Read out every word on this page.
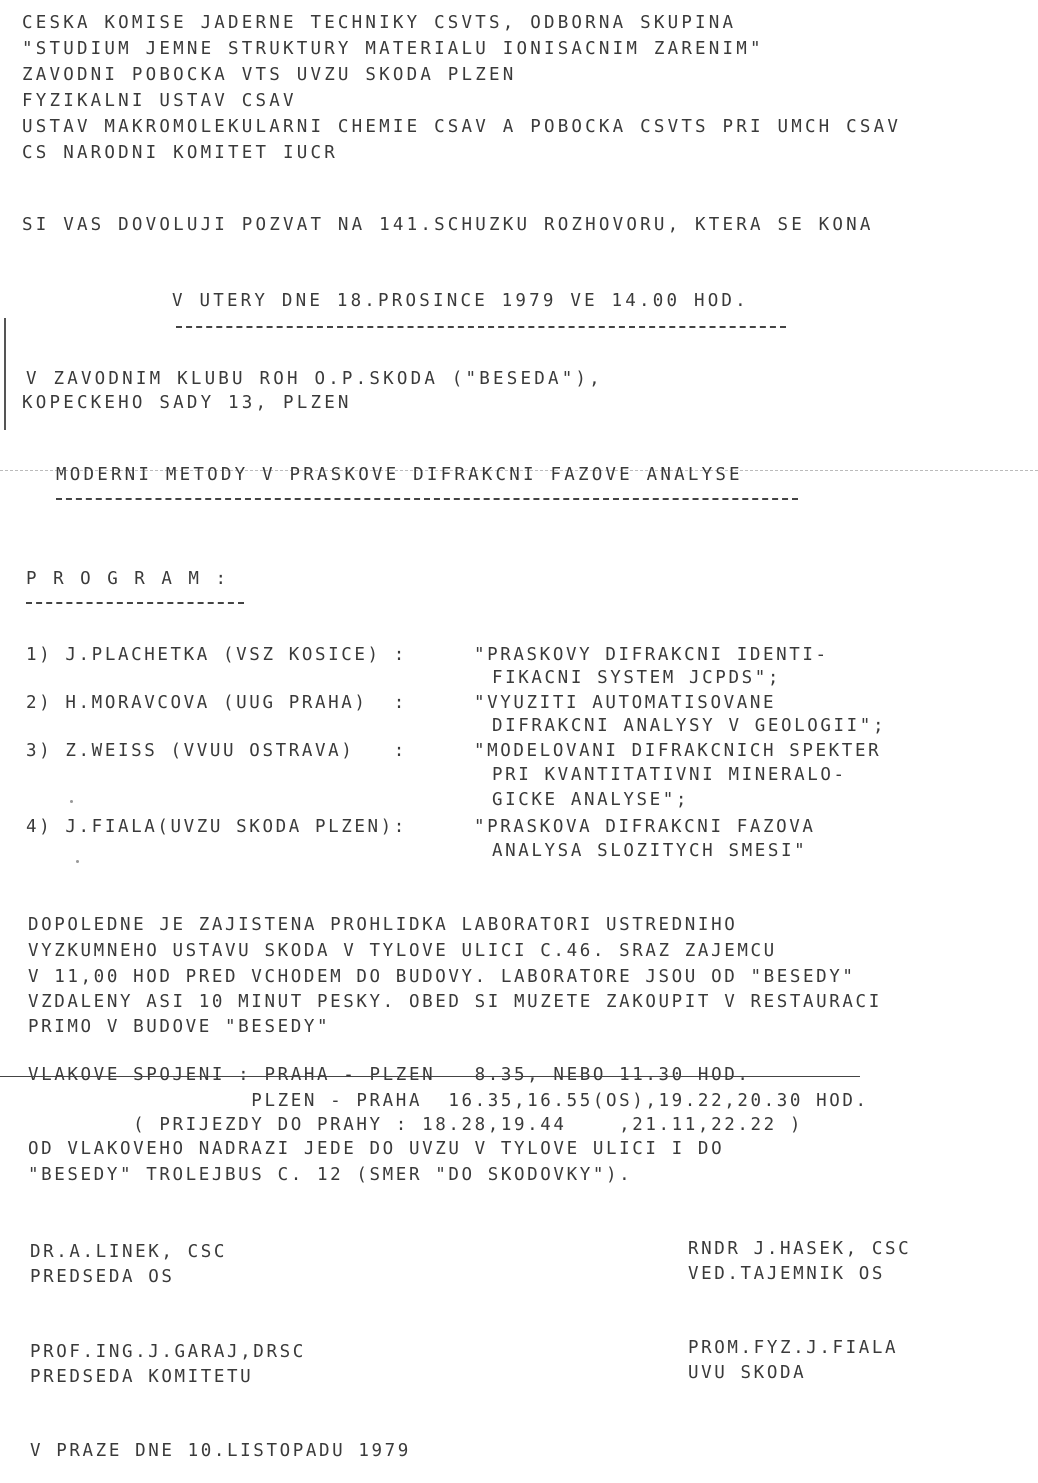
CESKA KOMISE JADERNE TECHNIKY CSVTS, ODBORNA SKUPINA
"STUDIUM JEMNE STRUKTURY MATERIALU IONISACNIM ZARENIM"
ZAVODNI POBOCKA VTS UVZU SKODA PLZEN
FYZIKALNI USTAV CSAV
USTAV MAKROMOLEKULARNI CHEMIE CSAV A POBOCKA CSVTS PRI UMCH CSAV
CS NARODNI KOMITET IUCR
SI VAS DOVOLUJI POZVAT NA 141.SCHUZKU ROZHOVORU, KTERA SE KONA
V UTERY DNE 18.PROSINCE 1979 VE 14.00 HOD.
V ZAVODNIM KLUBU ROH O.P.SKODA ("BESEDA"),
KOPECKEHO SADY 13, PLZEN
MODERNI METODY V PRASKOVE DIFRAKCNI FAZOVE ANALYSE
P R O G R A M :
1) J.PLACHETKA (VSZ KOSICE) :	"PRASKOVY DIFRAKCNI IDENTI-
FIKACNI SYSTEM JCPDS";
2) H.MORAVCOVA (UUG PRAHA)  :	"VYUZITI AUTOMATISOVANE
DIFRAKCNI ANALYSY V GEOLOGII";
3) Z.WEISS (VVUU OSTRAVA)   :	"MODELOVANI DIFRAKCNICH SPEKTER
PRI KVANTITATIVNI MINERALO-
GICKE ANALYSE";
4) J.FIALA(UVZU SKODA PLZEN):	"PRASKOVA DIFRAKCNI FAZOVA
ANALYSA SLOZITYCH SMESI"
DOPOLEDNE JE ZAJISTENA PROHLIDKA LABORATORI USTREDNIHO
VYZKUMNEHO USTAVU SKODA V TYLOVE ULICI C.46. SRAZ ZAJEMCU
V 11,00 HOD PRED VCHODEM DO BUDOVY. LABORATORE JSOU OD "BESEDY"
VZDALENY ASI 10 MINUT PESKY. OBED SI MUZETE ZAKOUPIT V RESTAURACI
PRIMO V BUDOVE "BESEDY"
VLAKOVE SPOJENI : PRAHA - PLZEN   8.35, NEBO 11.30 HOD.
PLZEN - PRAHA  16.35,16.55(OS),19.22,20.30 HOD.
( PRIJEZDY DO PRAHY : 18.28,19.44    ,21.11,22.22 )
OD VLAKOVEHO NADRAZI JEDE DO UVZU V TYLOVE ULICI I DO
"BESEDY" TROLEJBUS C. 12 (SMER "DO SKODOVKY").
DR.A.LINEK, CSC
PREDSEDA OS
RNDR J.HASEK, CSC
VED.TAJEMNIK OS
PROF.ING.J.GARAJ,DRSC
PREDSEDA KOMITETU
PROM.FYZ.J.FIALA
UVU SKODA
V PRAZE DNE 10.LISTOPADU 1979
